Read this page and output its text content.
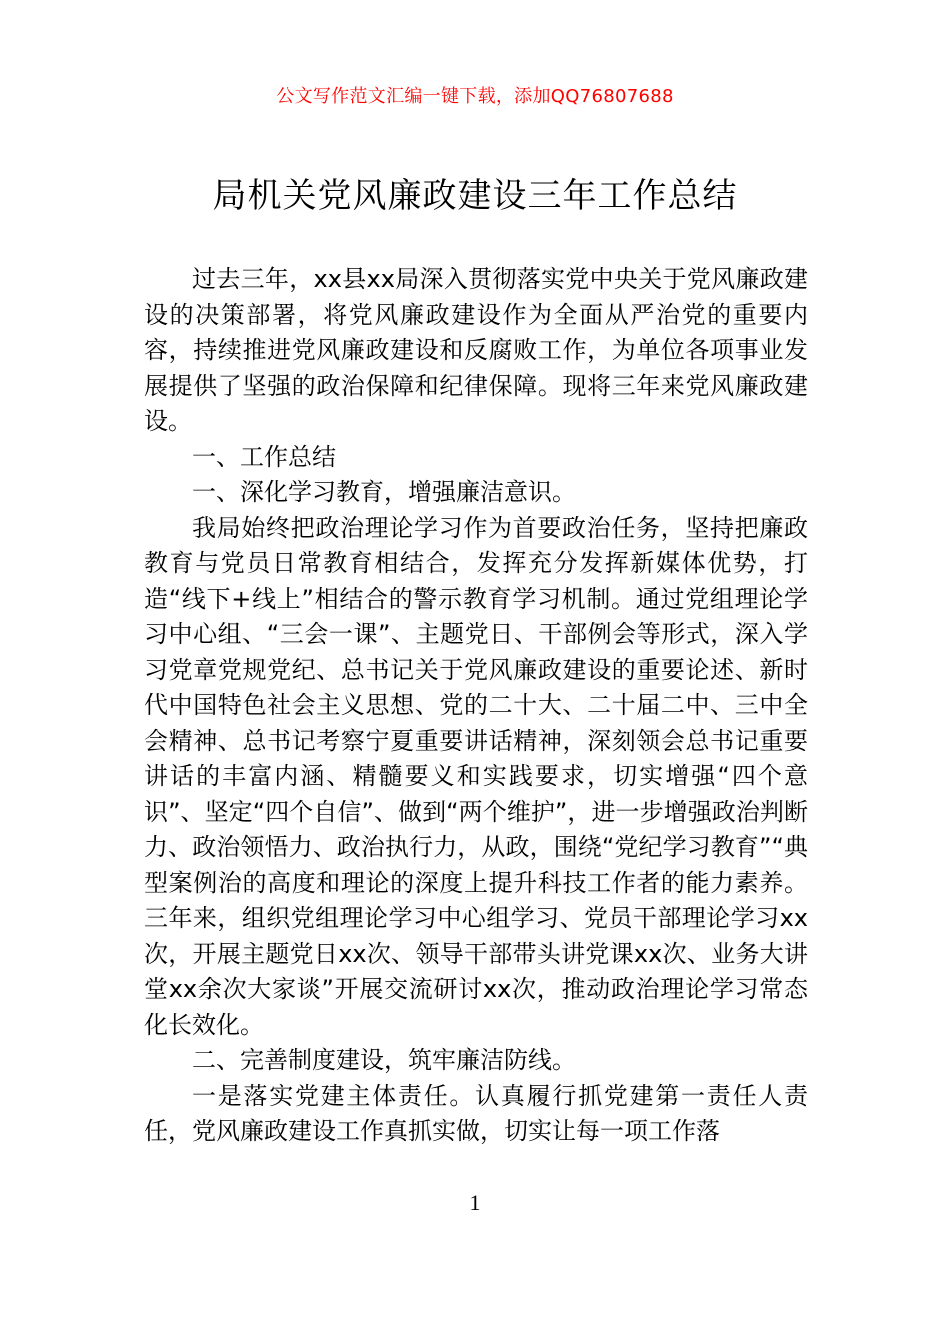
公文写作范文汇编一键下载，添加QQ76807688
局机关党风廉政建设三年工作总结

过去三年，xx县xx局深入贯彻落实党中央关于党风廉政建设的决策部署，将党风廉政建设作为全面从严治党的重要内容，持续推进党风廉政建设和反腐败工作，为单位各项事业发展提供了坚强的政治保障和纪律保障。现将三年来党风廉政建设。

一、工作总结

一、深化学习教育，增强廉洁意识。

我局始终把政治理论学习作为首要政治任务，坚持把廉政教育与党员日常教育相结合，发挥充分发挥新媒体优势，打造“线下+线上”相结合的警示教育学习机制。通过党组理论学习中心组、“三会一课”、主题党日、干部例会等形式，深入学习党章党规党纪、总书记关于党风廉政建设的重要论述、新时代中国特色社会主义思想、党的二十大、二十届二中、三中全会精神、总书记考察宁夏重要讲话精神，深刻领会总书记重要讲话的丰富内涵、精髓要义和实践要求，切实增强“四个意识”、坚定“四个自信”、做到“两个维护”，进一步增强政治判断力、政治领悟力、政治执行力，从政，围绕“党纪学习教育”“典型案例治的高度和理论的深度上提升科技工作者的能力素养。三年来，组织党组理论学习中心组学习、党员干部理论学习xx次，开展主题党日xx次、领导干部带头讲党课xx次、业务大讲堂xx余次大家谈”开展交流研讨xx次，推动政治理论学习常态化长效化。

二、完善制度建设，筑牢廉洁防线。

一是落实党建主体责任。认真履行抓党建第一责任人责任，党风廉政建设工作真抓实做，切实让每一项工作落

1
